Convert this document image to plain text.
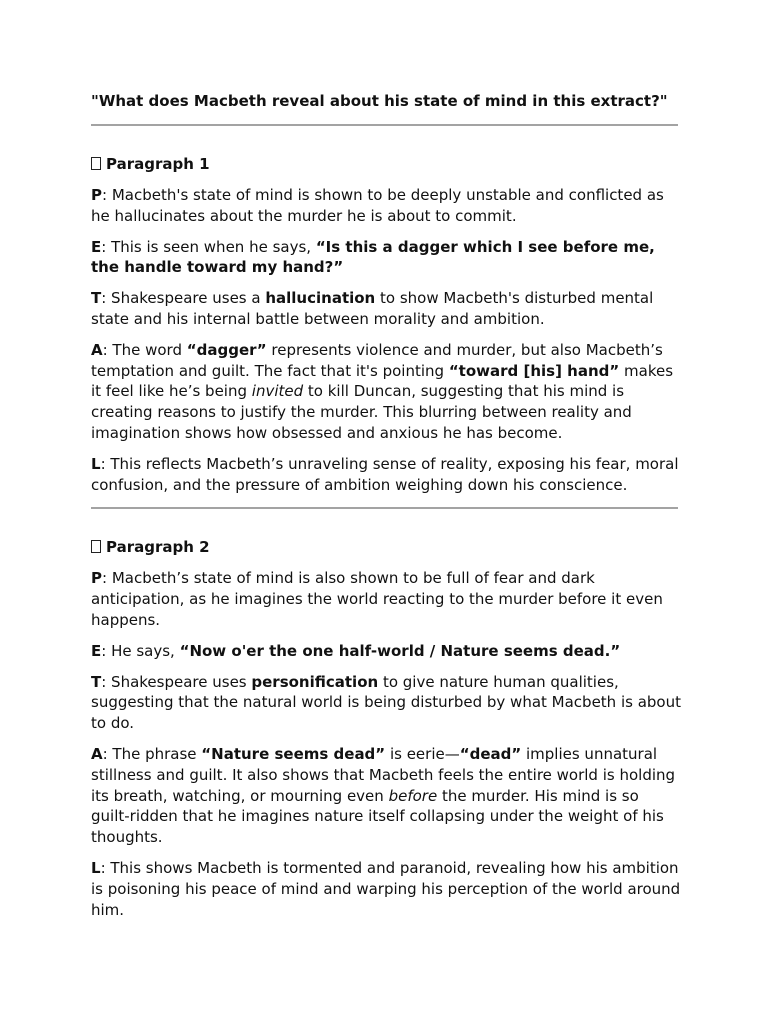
"What does Macbeth reveal about his state of mind in this extract?"

Paragraph 1

P: Macbeth's state of mind is shown to be deeply unstable and conflicted as he hallucinates about the murder he is about to commit.

E: This is seen when he says, “Is this a dagger which I see before me, the handle toward my hand?”

T: Shakespeare uses a hallucination to show Macbeth's disturbed mental state and his internal battle between morality and ambition.

A: The word “dagger” represents violence and murder, but also Macbeth’s temptation and guilt. The fact that it's pointing “toward [his] hand” makes it feel like he’s being invited to kill Duncan, suggesting that his mind is creating reasons to justify the murder. This blurring between reality and imagination shows how obsessed and anxious he has become.

L: This reflects Macbeth’s unraveling sense of reality, exposing his fear, moral confusion, and the pressure of ambition weighing down his conscience.

Paragraph 2

P: Macbeth’s state of mind is also shown to be full of fear and dark anticipation, as he imagines the world reacting to the murder before it even happens.

E: He says, “Now o'er the one half-world / Nature seems dead.”

T: Shakespeare uses personification to give nature human qualities, suggesting that the natural world is being disturbed by what Macbeth is about to do.

A: The phrase “Nature seems dead” is eerie—“dead” implies unnatural stillness and guilt. It also shows that Macbeth feels the entire world is holding its breath, watching, or mourning even before the murder. His mind is so guilt-ridden that he imagines nature itself collapsing under the weight of his thoughts.

L: This shows Macbeth is tormented and paranoid, revealing how his ambition is poisoning his peace of mind and warping his perception of the world around him.
